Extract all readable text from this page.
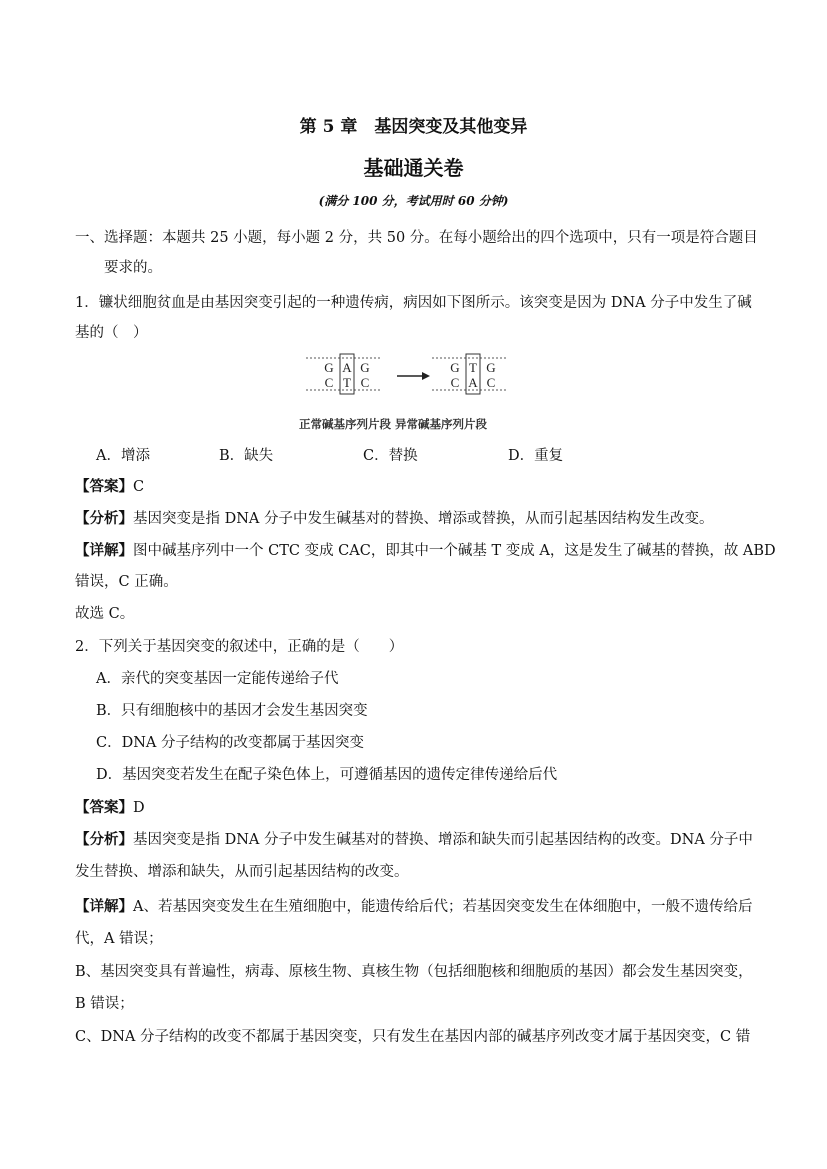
第 5 章　基因突变及其他变异
基础通关卷
(满分 100 分，考试用时 60 分钟)
一、选择题：本题共 25 小题，每小题 2 分，共 50 分。在每小题给出的四个选项中，只有一项是符合题目
要求的。
1．镰状细胞贫血是由基因突变引起的一种遗传病，病因如下图所示。该突变是因为 DNA 分子中发生了碱
基的（　）
G A G
C T C
G T G
C A C
正常碱基序列片段 异常碱基序列片段
A．增添	B．缺失	C．替换	D．重复
【答案】C
【分析】基因突变是指 DNA 分子中发生碱基对的替换、增添或替换，从而引起基因结构发生改变。
【详解】图中碱基序列中一个 CTC 变成 CAC，即其中一个碱基 T 变成 A，这是发生了碱基的替换，故 ABD
错误，C 正确。
故选 C。
2．下列关于基因突变的叙述中，正确的是（　　）
A．亲代的突变基因一定能传递给子代
B．只有细胞核中的基因才会发生基因突变
C．DNA 分子结构的改变都属于基因突变
D．基因突变若发生在配子染色体上，可遵循基因的遗传定律传递给后代
【答案】D
【分析】基因突变是指 DNA 分子中发生碱基对的替换、增添和缺失而引起基因结构的改变。DNA 分子中
发生替换、增添和缺失，从而引起基因结构的改变。
【详解】A、若基因突变发生在生殖细胞中，能遗传给后代；若基因突变发生在体细胞中，一般不遗传给后
代，A 错误；
B、基因突变具有普遍性，病毒、原核生物、真核生物（包括细胞核和细胞质的基因）都会发生基因突变，
B 错误；
C、DNA 分子结构的改变不都属于基因突变，只有发生在基因内部的碱基序列改变才属于基因突变，C 错
